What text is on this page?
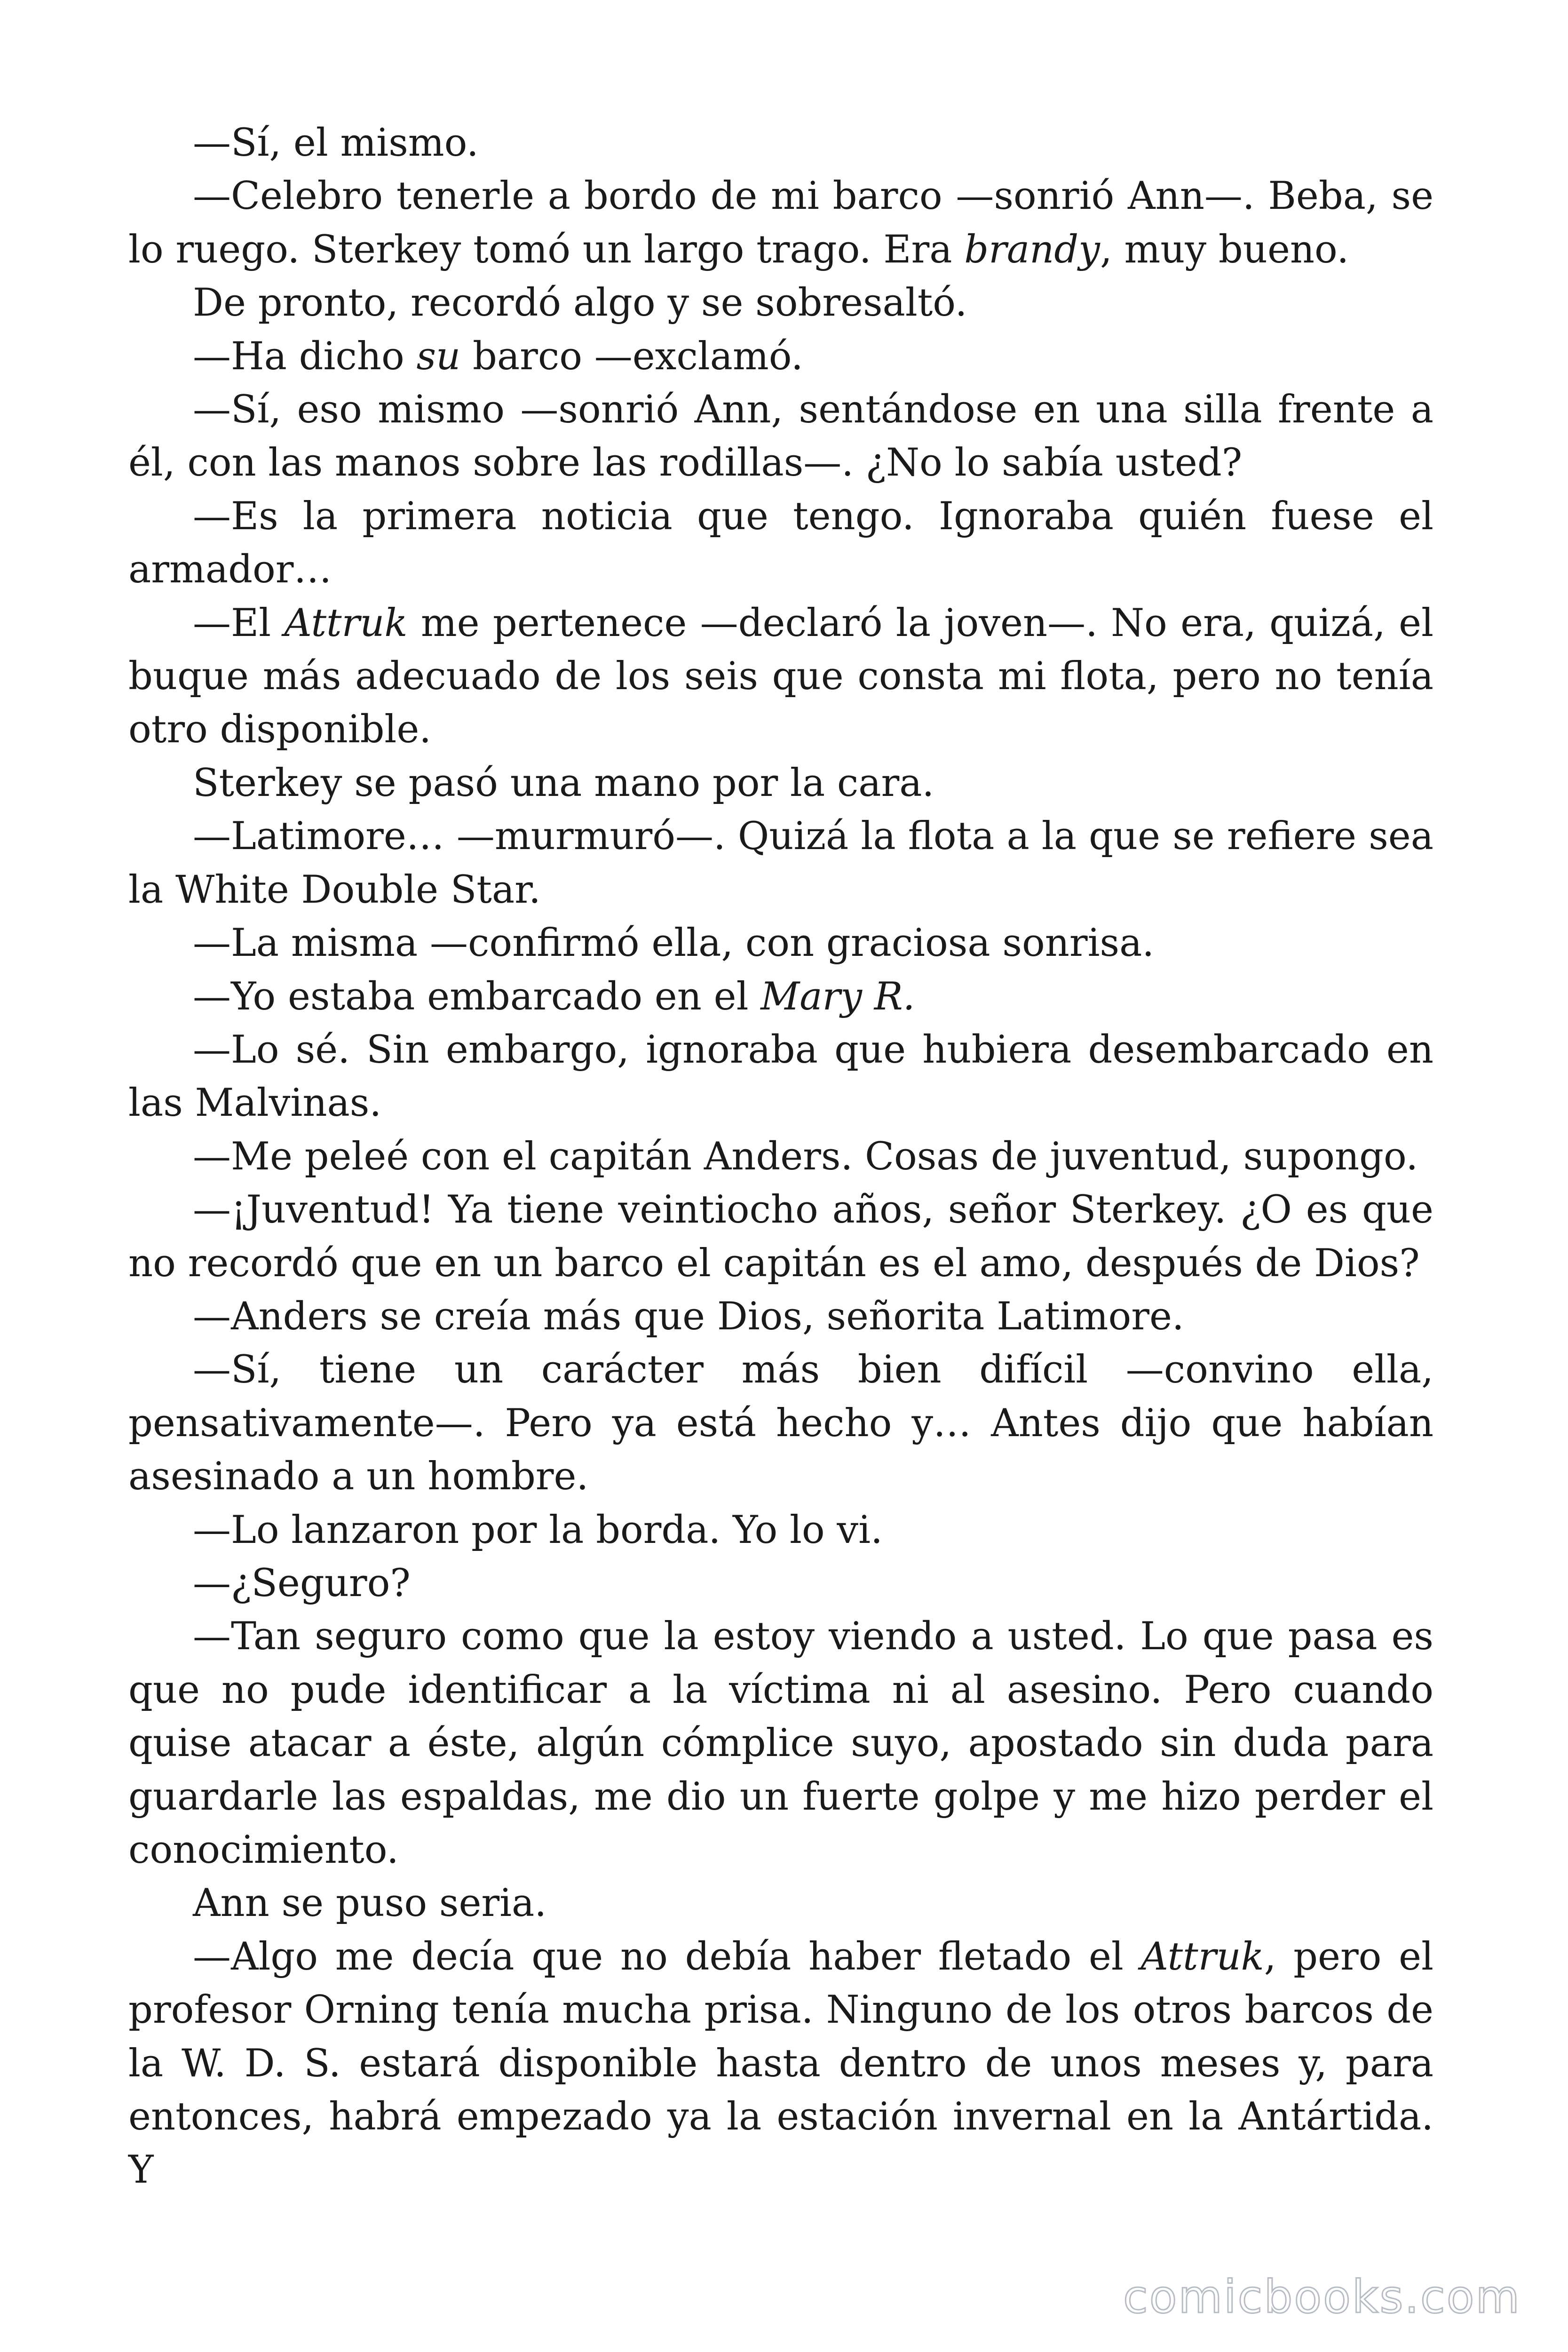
—Sí, el mismo.

—Celebro tenerle a bordo de mi barco —sonrió Ann—. Beba, se lo ruego. Sterkey tomó un largo trago. Era brandy, muy bueno.

De pronto, recordó algo y se sobresaltó.

—Ha dicho su barco —exclamó.

—Sí, eso mismo —sonrió Ann, sentándose en una silla frente a él, con las manos sobre las rodillas—. ¿No lo sabía usted?

—Es la primera noticia que tengo. Ignoraba quién fuese el armador…

—El Attruk me pertenece —declaró la joven—. No era, quizá, el buque más adecuado de los seis que consta mi flota, pero no tenía otro disponible.

Sterkey se pasó una mano por la cara.

—Latimore… —murmuró—. Quizá la flota a la que se refiere sea la White Double Star.

—La misma —confirmó ella, con graciosa sonrisa.

—Yo estaba embarcado en el Mary R.

—Lo sé. Sin embargo, ignoraba que hubiera desembarcado en las Malvinas.

—Me peleé con el capitán Anders. Cosas de juventud, supongo.

—¡Juventud! Ya tiene veintiocho años, señor Sterkey. ¿O es que no recordó que en un barco el capitán es el amo, después de Dios?

—Anders se creía más que Dios, señorita Latimore.

—Sí, tiene un carácter más bien difícil —convino ella, pensativamente—. Pero ya está hecho y… Antes dijo que habían asesinado a un hombre.

—Lo lanzaron por la borda. Yo lo vi.

—¿Seguro?

—Tan seguro como que la estoy viendo a usted. Lo que pasa es que no pude identificar a la víctima ni al asesino. Pero cuando quise atacar a éste, algún cómplice suyo, apostado sin duda para guardarle las espaldas, me dio un fuerte golpe y me hizo perder el conocimiento.

Ann se puso seria.

—Algo me decía que no debía haber fletado el Attruk, pero el profesor Orning tenía mucha prisa. Ninguno de los otros barcos de la W. D. S. estará disponible hasta dentro de unos meses y, para entonces, habrá empezado ya la estación invernal en la Antártida. Y

comicbooks.com
